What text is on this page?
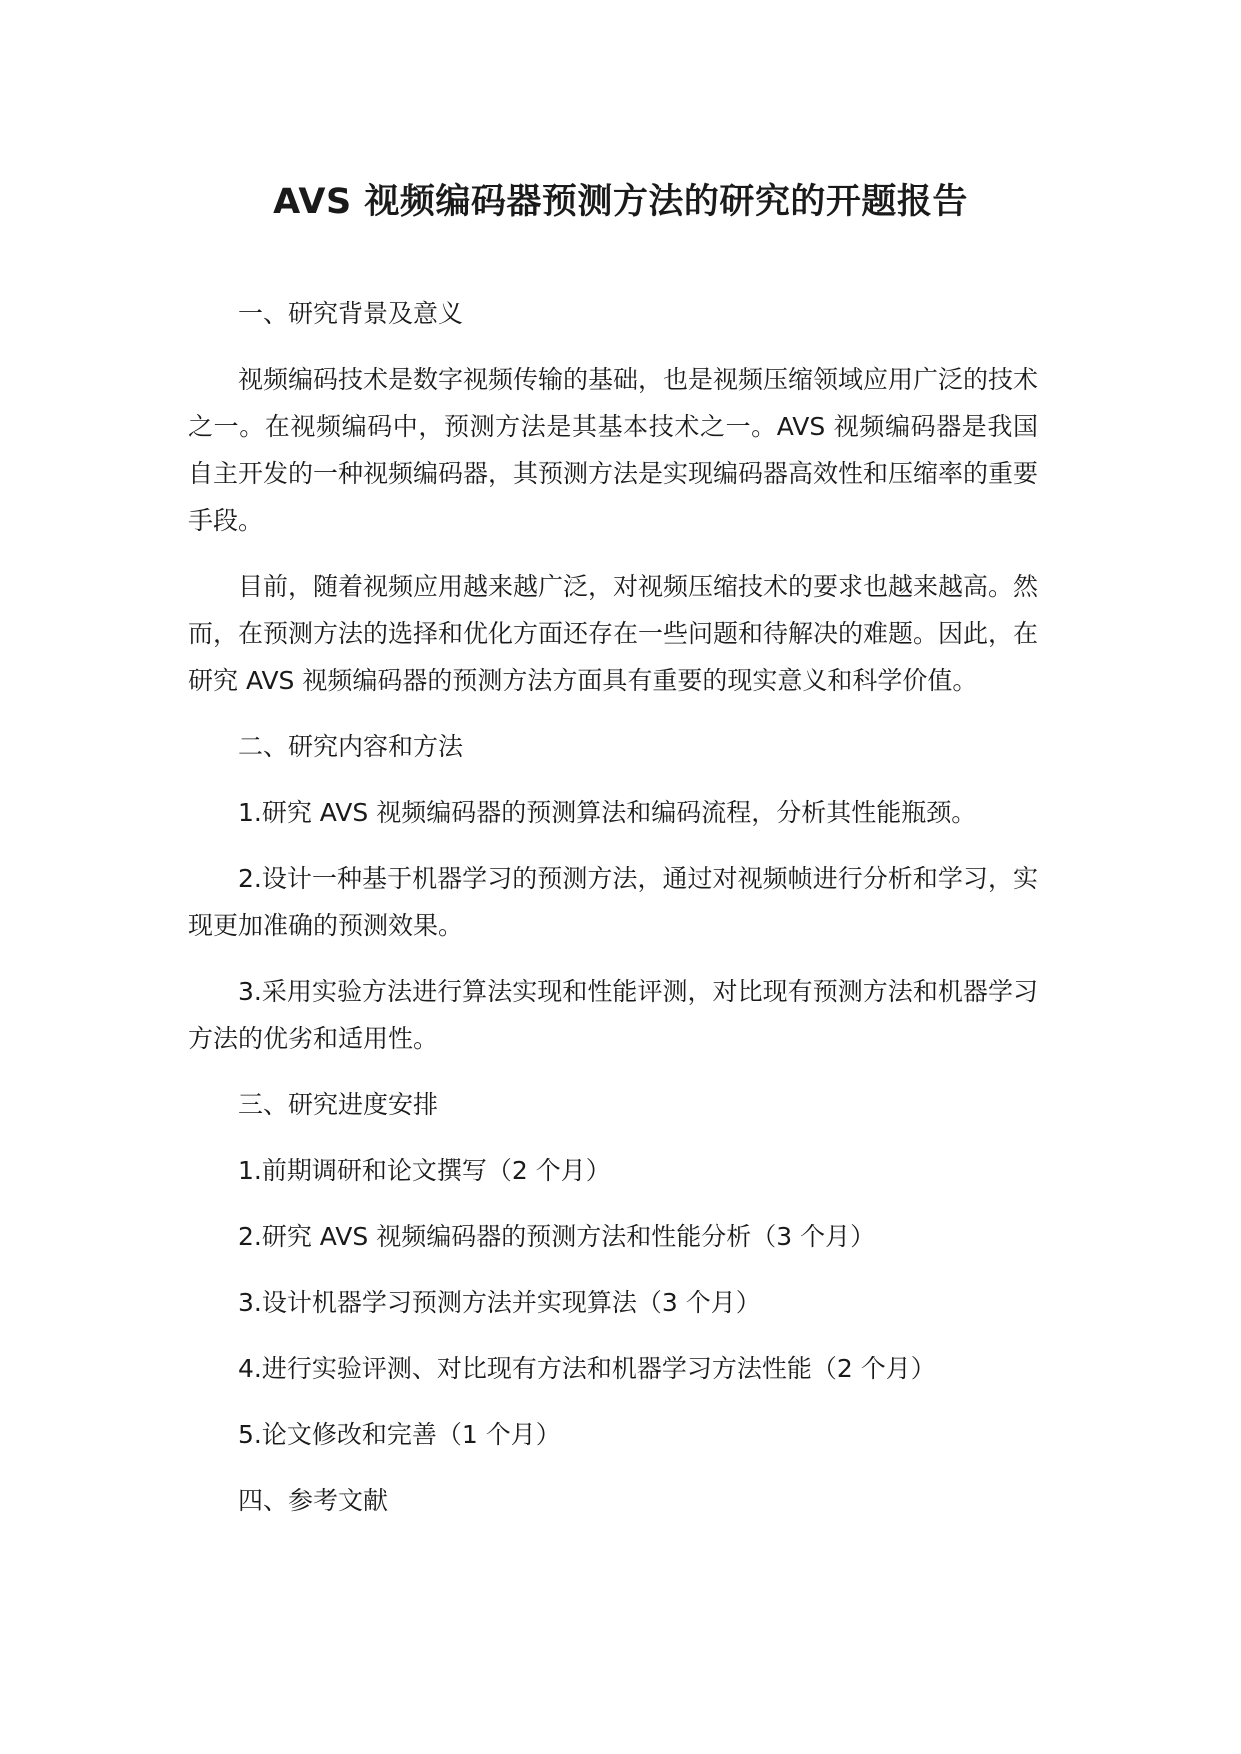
AVS 视频编码器预测方法的研究的开题报告

一、研究背景及意义

视频编码技术是数字视频传输的基础，也是视频压缩领域应用广泛的技术之一。在视频编码中，预测方法是其基本技术之一。AVS 视频编码器是我国自主开发的一种视频编码器，其预测方法是实现编码器高效性和压缩率的重要手段。

目前，随着视频应用越来越广泛，对视频压缩技术的要求也越来越高。然而，在预测方法的选择和优化方面还存在一些问题和待解决的难题。因此，在研究 AVS 视频编码器的预测方法方面具有重要的现实意义和科学价值。

二、研究内容和方法

1.研究 AVS 视频编码器的预测算法和编码流程，分析其性能瓶颈。

2.设计一种基于机器学习的预测方法，通过对视频帧进行分析和学习，实现更加准确的预测效果。

3.采用实验方法进行算法实现和性能评测，对比现有预测方法和机器学习方法的优劣和适用性。

三、研究进度安排

1.前期调研和论文撰写（2 个月）

2.研究 AVS 视频编码器的预测方法和性能分析（3 个月）

3.设计机器学习预测方法并实现算法（3 个月）

4.进行实验评测、对比现有方法和机器学习方法性能（2 个月）

5.论文修改和完善（1 个月）

四、参考文献
